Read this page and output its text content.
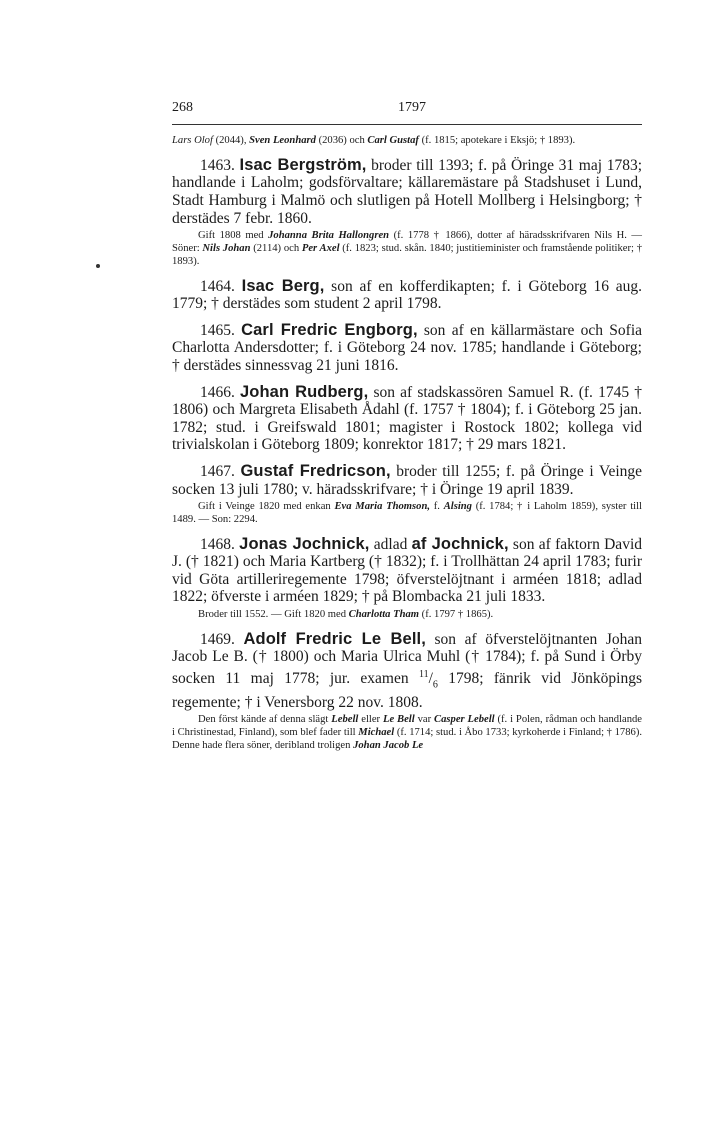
268	1797

Lars Olof (2044), Sven Leonhard (2036) och Carl Gustaf (f. 1815; apotekare i Eksjö; † 1893).

1463. Isac Bergström, broder till 1393; f. på Öringe 31 maj 1783; handlande i Laholm; godsförvaltare; källaremästare på Stadshuset i Lund, Stadt Hamburg i Malmö och slutligen på Hotell Mollberg i Helsingborg; † derstädes 7 febr. 1860.

Gift 1808 med Johanna Brita Hallongren (f. 1778 † 1866), dotter af häradsskrifvaren Nils H. — Söner: Nils Johan (2114) och Per Axel (f. 1823; stud. skån. 1840; justitieminister och framstående politiker; † 1893).

1464. Isac Berg, son af en kofferdikapten; f. i Göteborg 16 aug. 1779; † derstädes som student 2 april 1798.

1465. Carl Fredric Engborg, son af en källarmästare och Sofia Charlotta Andersdotter; f. i Göteborg 24 nov. 1785; handlande i Göteborg; † derstädes sinnessvag 21 juni 1816.

1466. Johan Rudberg, son af stadskassören Samuel R. (f. 1745 † 1806) och Margreta Elisabeth Ådahl (f. 1757 † 1804); f. i Göteborg 25 jan. 1782; stud. i Greifswald 1801; magister i Rostock 1802; kollega vid trivialskolan i Göteborg 1809; konrektor 1817; † 29 mars 1821.

1467. Gustaf Fredricson, broder till 1255; f. på Öringe i Veinge socken 13 juli 1780; v. häradsskrifvare; † i Öringe 19 april 1839.

Gift i Veinge 1820 med enkan Eva Maria Thomson, f. Alsing (f. 1784; † i Laholm 1859), syster till 1489. — Son: 2294.

1468. Jonas Jochnick, adlad af Jochnick, son af faktorn David J. († 1821) och Maria Kartberg († 1832); f. i Trollhättan 24 april 1783; furir vid Göta artilleriregemente 1798; öfverstelöjtnant i arméen 1818; adlad 1822; öfverste i arméen 1829; † på Blombacka 21 juli 1833.

Broder till 1552. — Gift 1820 med Charlotta Tham (f. 1797 † 1865).

1469. Adolf Fredric Le Bell, son af öfverstelöjtnanten Johan Jacob Le B. († 1800) och Maria Ulrica Muhl († 1784); f. på Sund i Örby socken 11 maj 1778; jur. examen $^{11}/_6$ 1798; fänrik vid Jönköpings regemente; † i Venersborg 22 nov. 1808.

Den först kände af denna slägt Lebell eller Le Bell var Casper Lebell (f. i Polen, rådman och handlande i Christinestad, Finland), som blef fader till Michael (f. 1714; stud. i Åbo 1733; kyrkoherde i Finland; † 1786). Denne hade flera söner, deribland troligen Johan Jacob Le
